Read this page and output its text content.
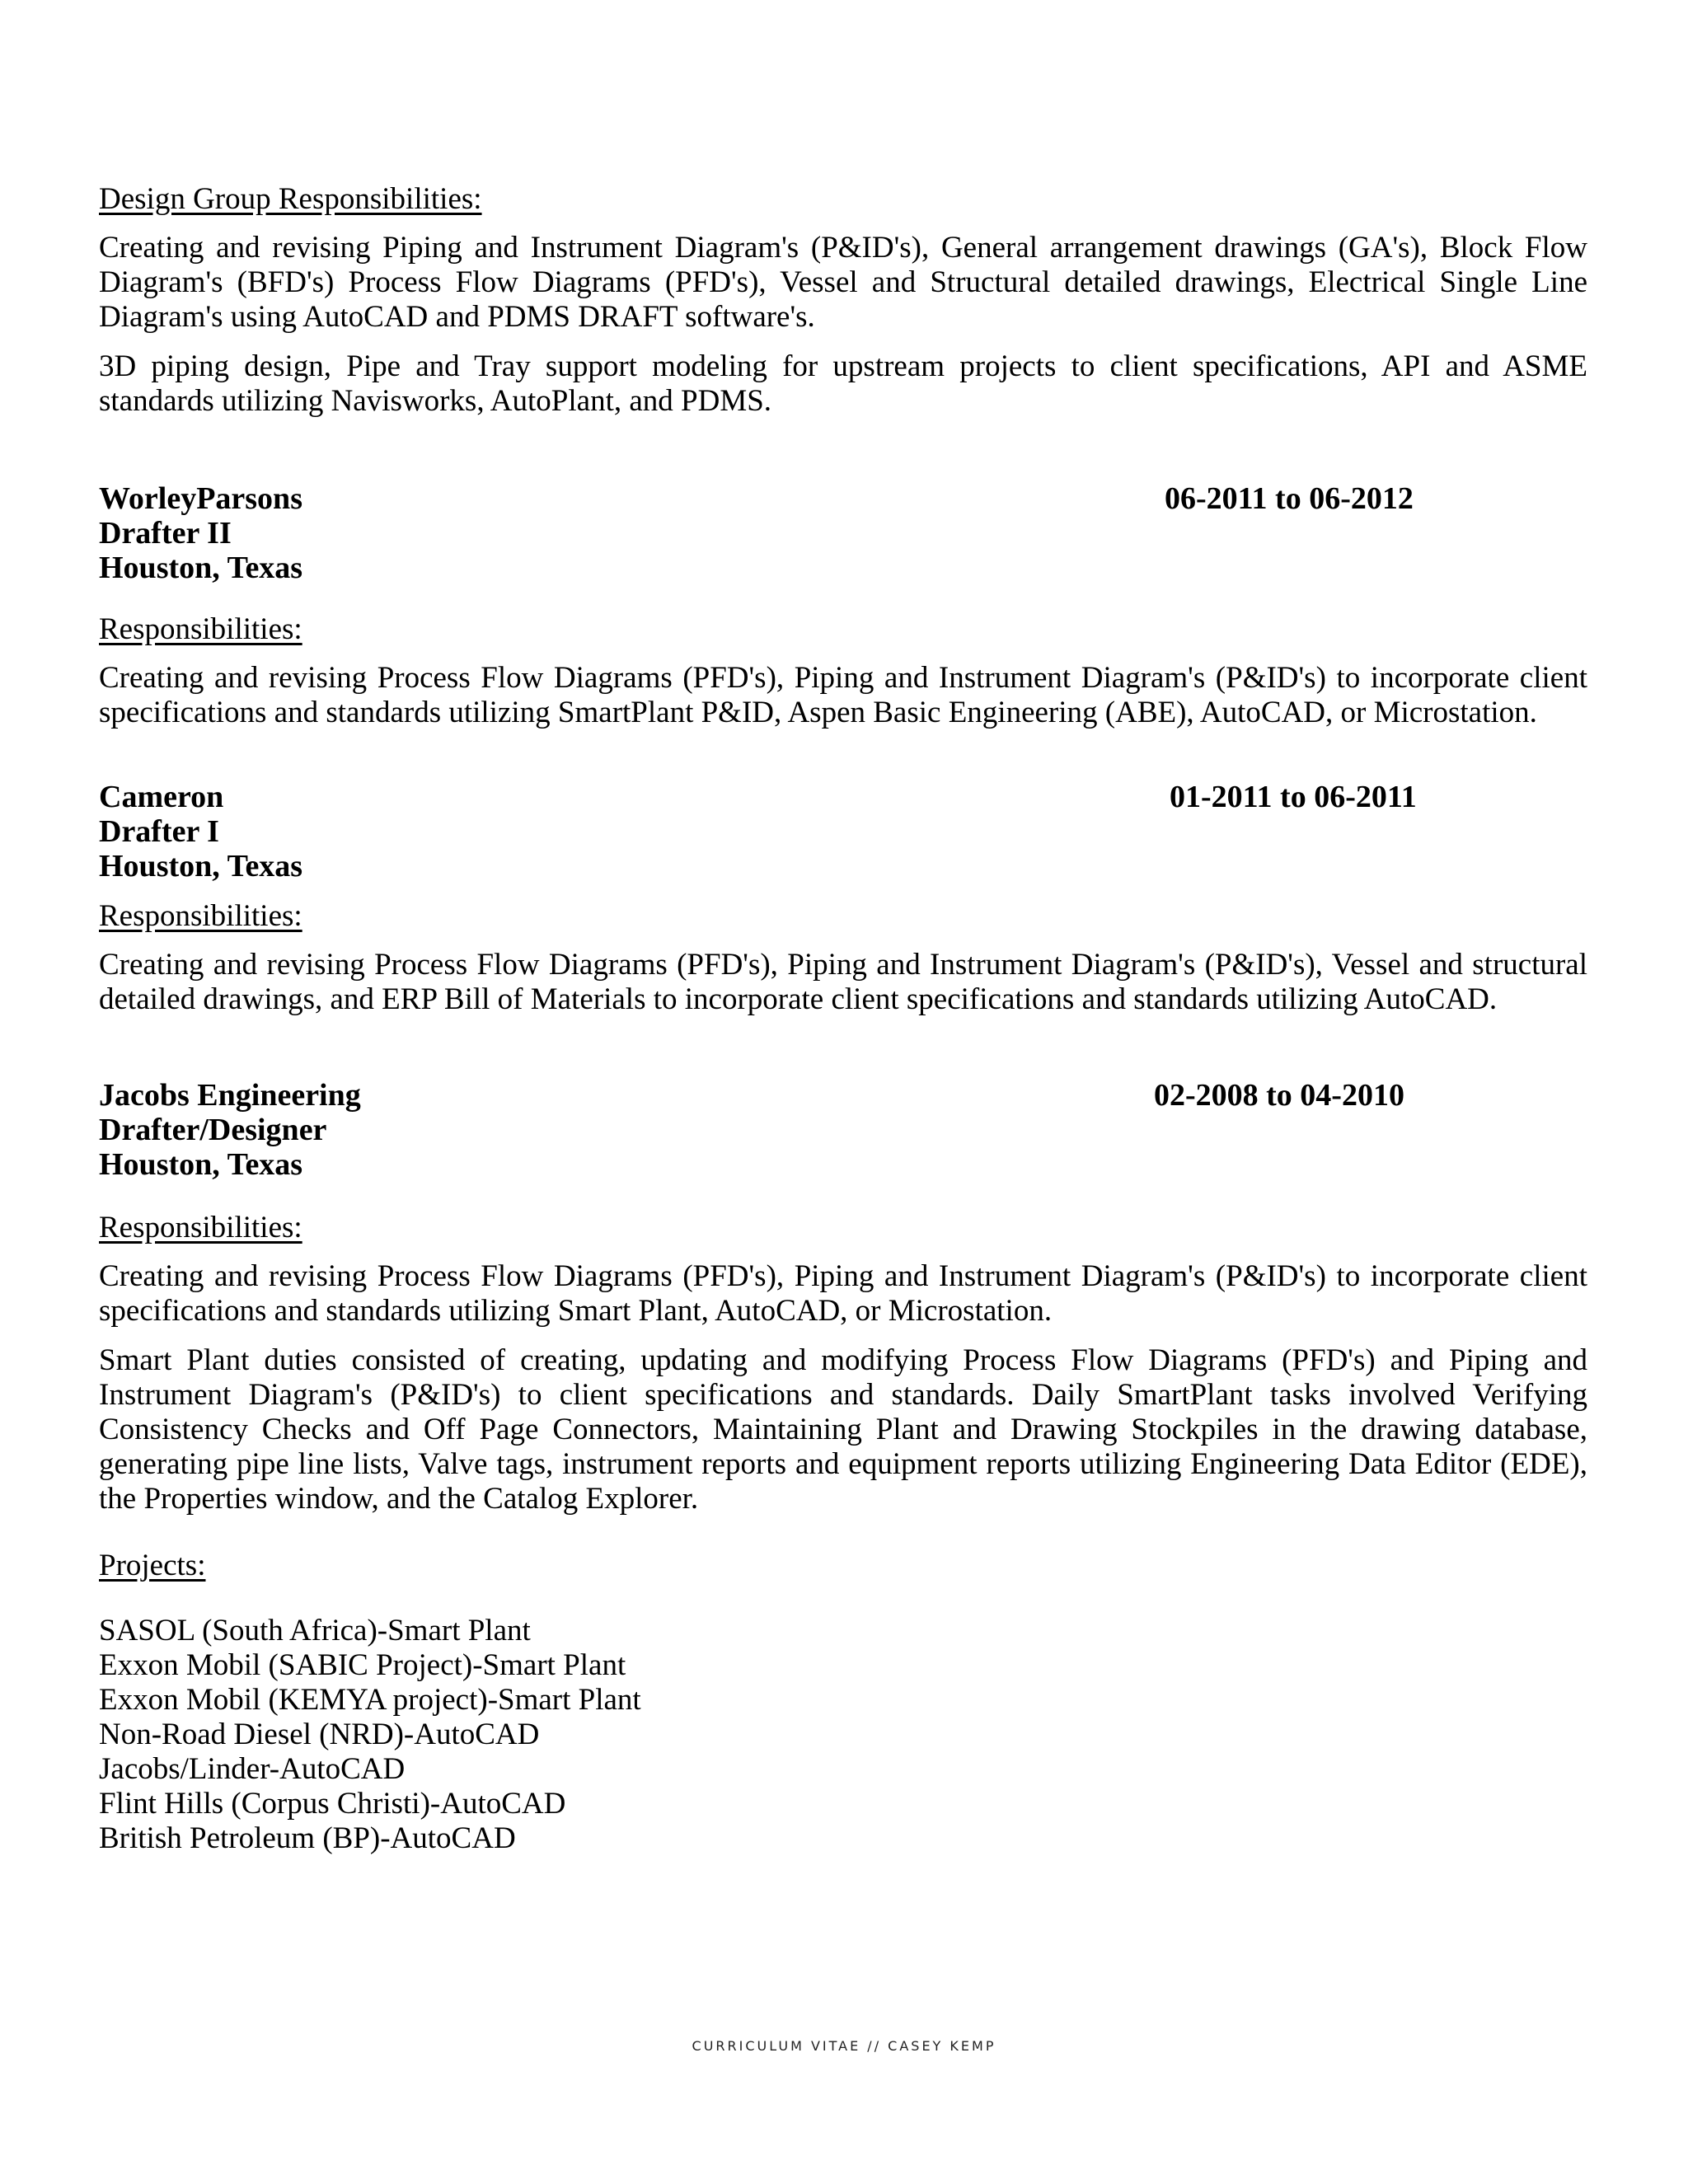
Design Group Responsibilities:

Creating and revising Piping and Instrument Diagram's (P&ID's), General arrangement drawings (GA's), Block Flow Diagram's (BFD's) Process Flow Diagrams (PFD's), Vessel and Structural detailed drawings, Electrical Single Line Diagram's using AutoCAD and PDMS DRAFT software's.

3D piping design, Pipe and Tray support modeling for upstream projects to client specifications, API and ASME standards utilizing Navisworks, AutoPlant, and PDMS.

WorleyParsons
Drafter II
Houston, Texas
06-2011 to 06-2012

Responsibilities:

Creating and revising Process Flow Diagrams (PFD's), Piping and Instrument Diagram's (P&ID's) to incorporate client specifications and standards utilizing SmartPlant P&ID, Aspen Basic Engineering (ABE), AutoCAD, or Microstation.

Cameron
Drafter I
Houston, Texas
01-2011 to 06-2011

Responsibilities:

Creating and revising Process Flow Diagrams (PFD's), Piping and Instrument Diagram's (P&ID's), Vessel and structural detailed drawings, and ERP Bill of Materials to incorporate client specifications and standards utilizing AutoCAD.

Jacobs Engineering
Drafter/Designer
Houston, Texas
02-2008 to 04-2010

Responsibilities:

Creating and revising Process Flow Diagrams (PFD's), Piping and Instrument Diagram's (P&ID's) to incorporate client specifications and standards utilizing Smart Plant, AutoCAD, or Microstation.

Smart Plant duties consisted of creating, updating and modifying Process Flow Diagrams (PFD's) and Piping and Instrument Diagram's (P&ID's) to client specifications and standards. Daily SmartPlant tasks involved Verifying Consistency Checks and Off Page Connectors, Maintaining Plant and Drawing Stockpiles in the drawing database, generating pipe line lists, Valve tags, instrument reports and equipment reports utilizing Engineering Data Editor (EDE), the Properties window, and the Catalog Explorer.

Projects:

SASOL (South Africa)-Smart Plant
Exxon Mobil (SABIC Project)-Smart Plant
Exxon Mobil (KEMYA project)-Smart Plant
Non-Road Diesel (NRD)-AutoCAD
Jacobs/Linder-AutoCAD
Flint Hills (Corpus Christi)-AutoCAD
British Petroleum (BP)-AutoCAD
CURRICULUM VITAE // CASEY KEMP
